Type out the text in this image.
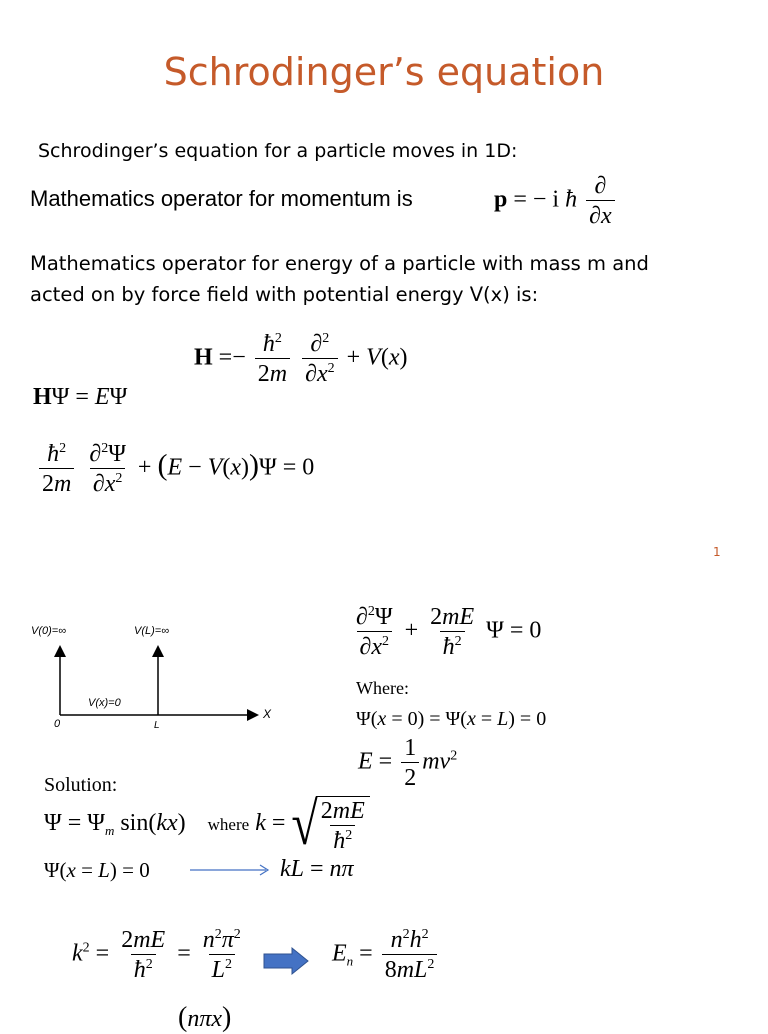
Schrodinger’s equation
Schrodinger’s equation for a particle moves in 1D:
Mathematics operator for momentum is	p = − i ħ $\frac{\partial}{\partial x}$
Mathematics operator for energy of a particle with mass m and
acted on by force field with potential energy V(x) is:
$H =- \frac{ħ^2}{2m}$
$\frac{\partial^2}{\partial x^2} + V(x)$
HΨ = EΨ
$\frac{ħ^2}{2m}$
$\frac{\partial^2\Psi}{\partial x^2} + (E - V(x))\Psi = 0$
1
V(0)=∞	V(L)=∞
V(x)=0
0	L
X
$\frac{\partial^2\Psi}{\partial x^2} + \frac{2mE}{ħ^2}$ Ψ = 0
Where:
Ψ(x = 0) = Ψ(x = L) = 0
$E = \frac{1}{2} mv^2$
Solution:
$\Psi = \Psi_m$ sin(kx) where k = √ $\frac{2mE}{ħ^2}$
Ψ(x = L) = 0	kL = nπ
$k^2 = \frac{2mE}{ħ^2} = \frac{n^2\pi^2}{L^2}$	$E_n = \frac{n^2h^2}{8mL^2}$
(nπx)
